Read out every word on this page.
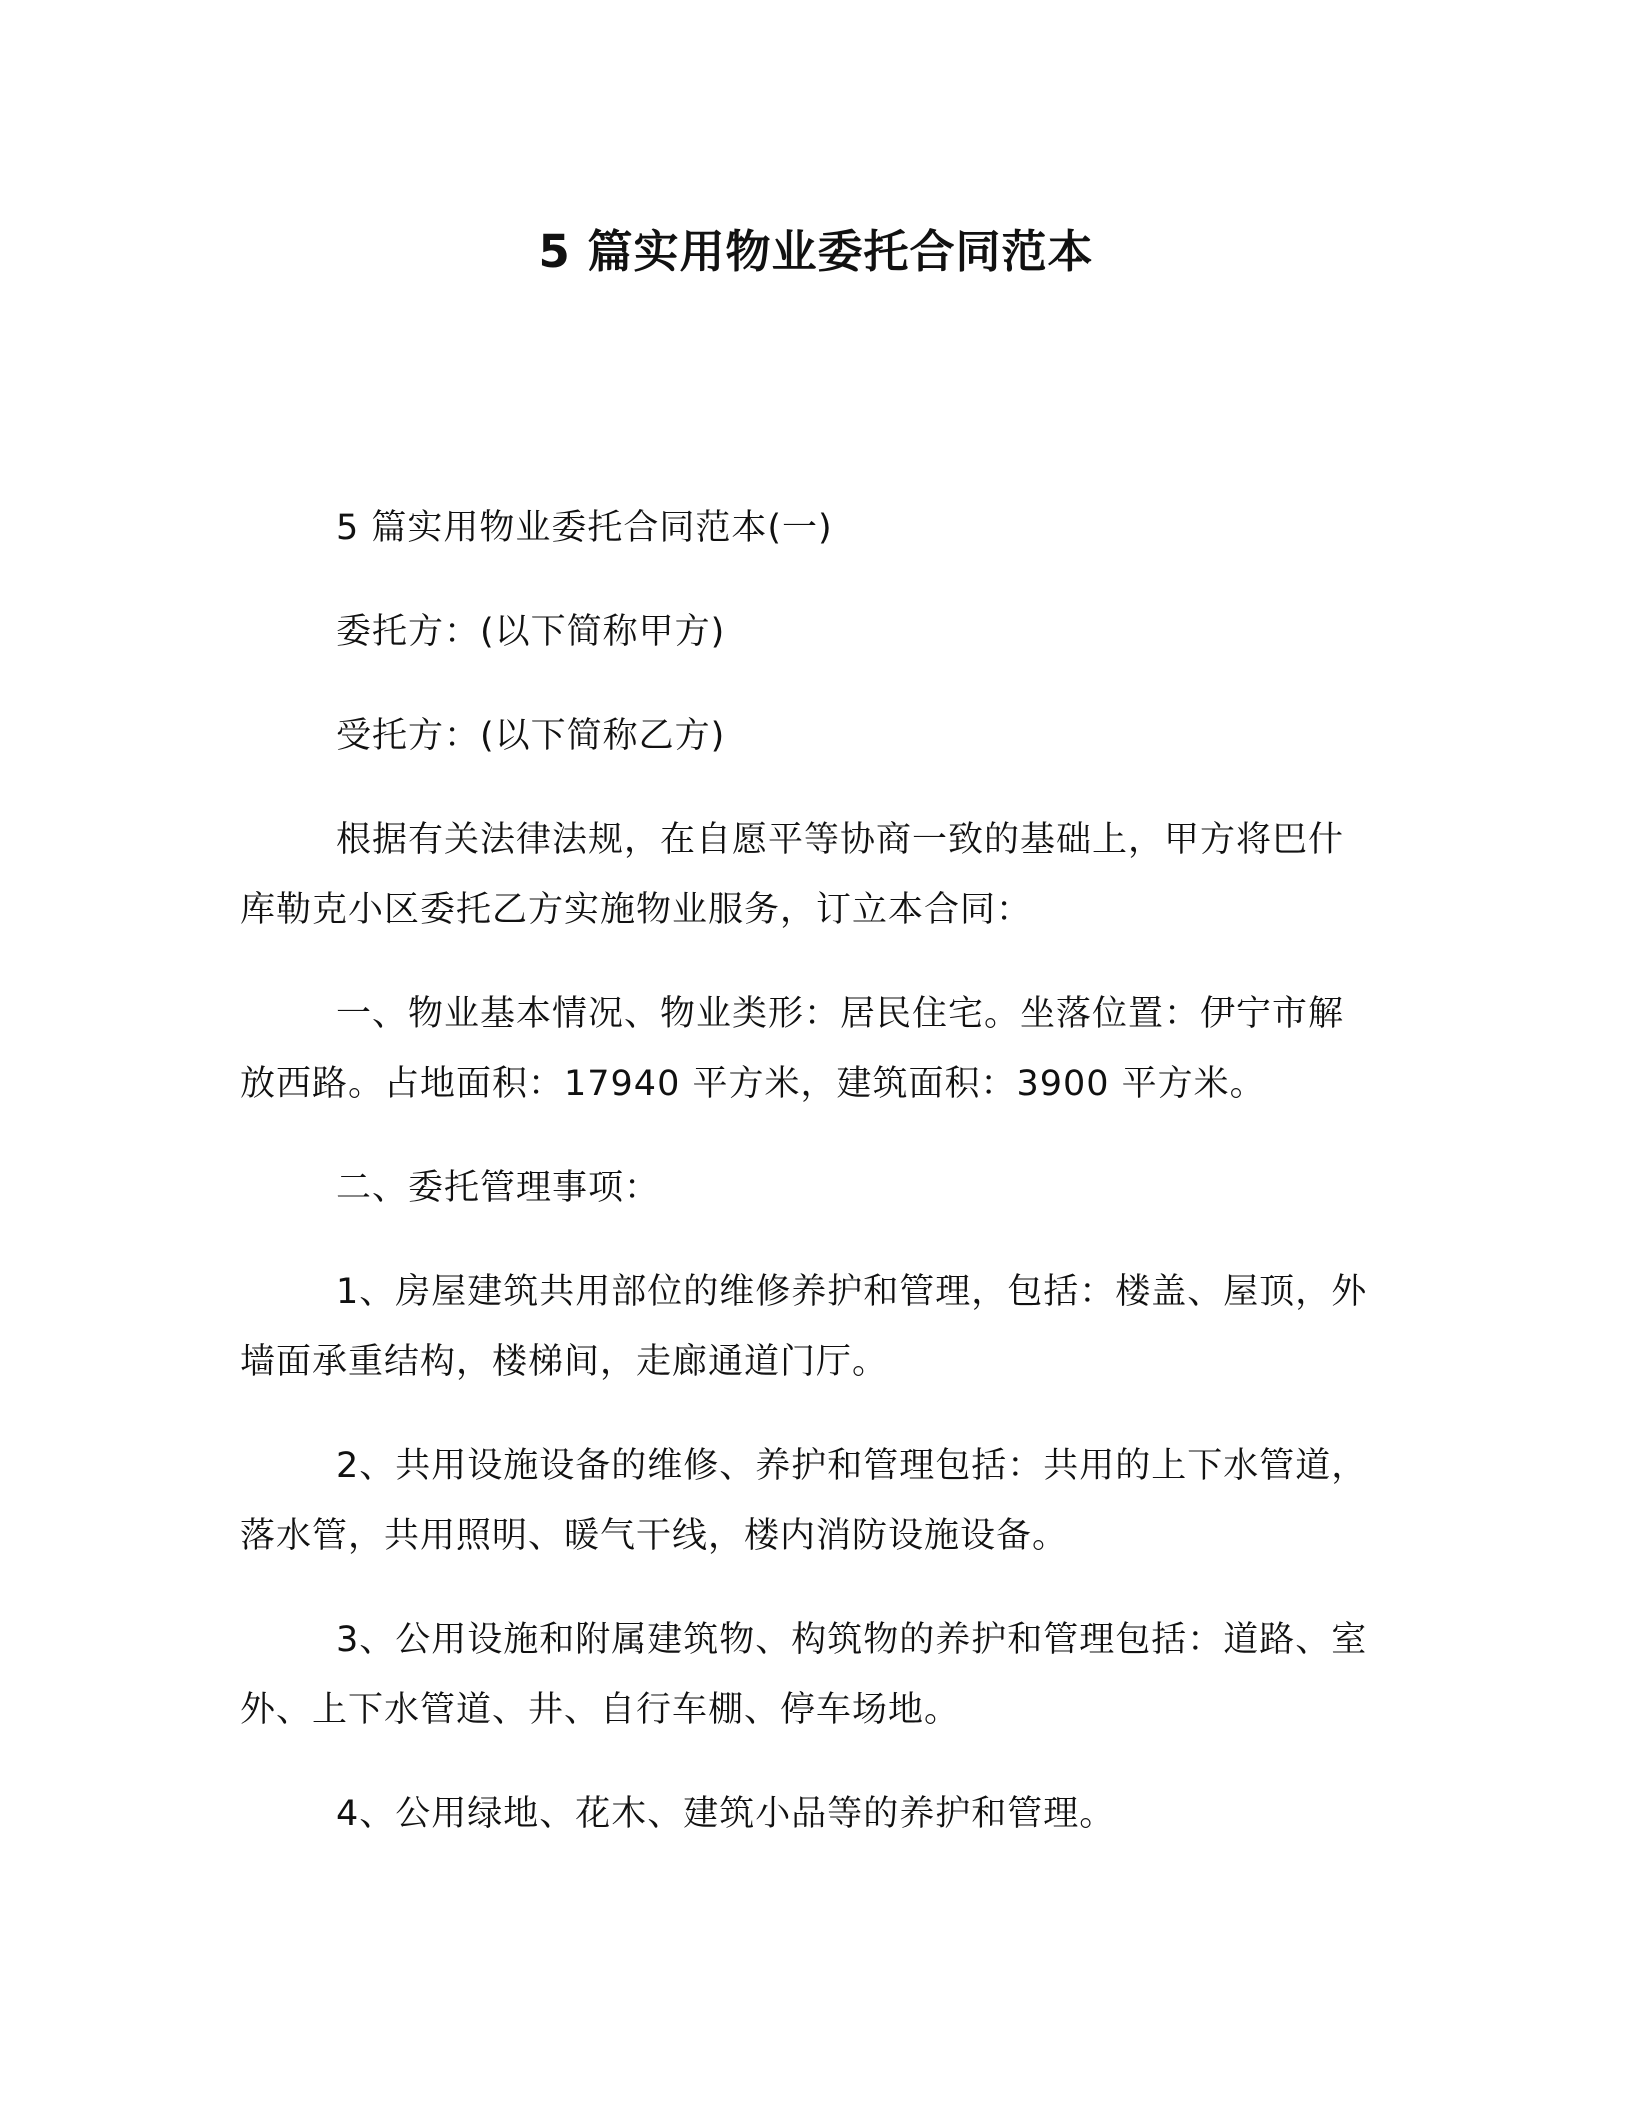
5 篇实用物业委托合同范本

5 篇实用物业委托合同范本(一)

委托方：(以下简称甲方)

受托方：(以下简称乙方)

根据有关法律法规，在自愿平等协商一致的基础上，甲方将巴什库勒克小区委托乙方实施物业服务，订立本合同：

一、物业基本情况、物业类形：居民住宅。坐落位置：伊宁市解放西路。占地面积：17940 平方米，建筑面积：3900 平方米。

二、委托管理事项：

1、房屋建筑共用部位的维修养护和管理，包括：楼盖、屋顶，外墙面承重结构，楼梯间，走廊通道门厅。

2、共用设施设备的维修、养护和管理包括：共用的上下水管道，落水管，共用照明、暖气干线，楼内消防设施设备。

3、公用设施和附属建筑物、构筑物的养护和管理包括：道路、室外、上下水管道、井、自行车棚、停车场地。

4、公用绿地、花木、建筑小品等的养护和管理。
